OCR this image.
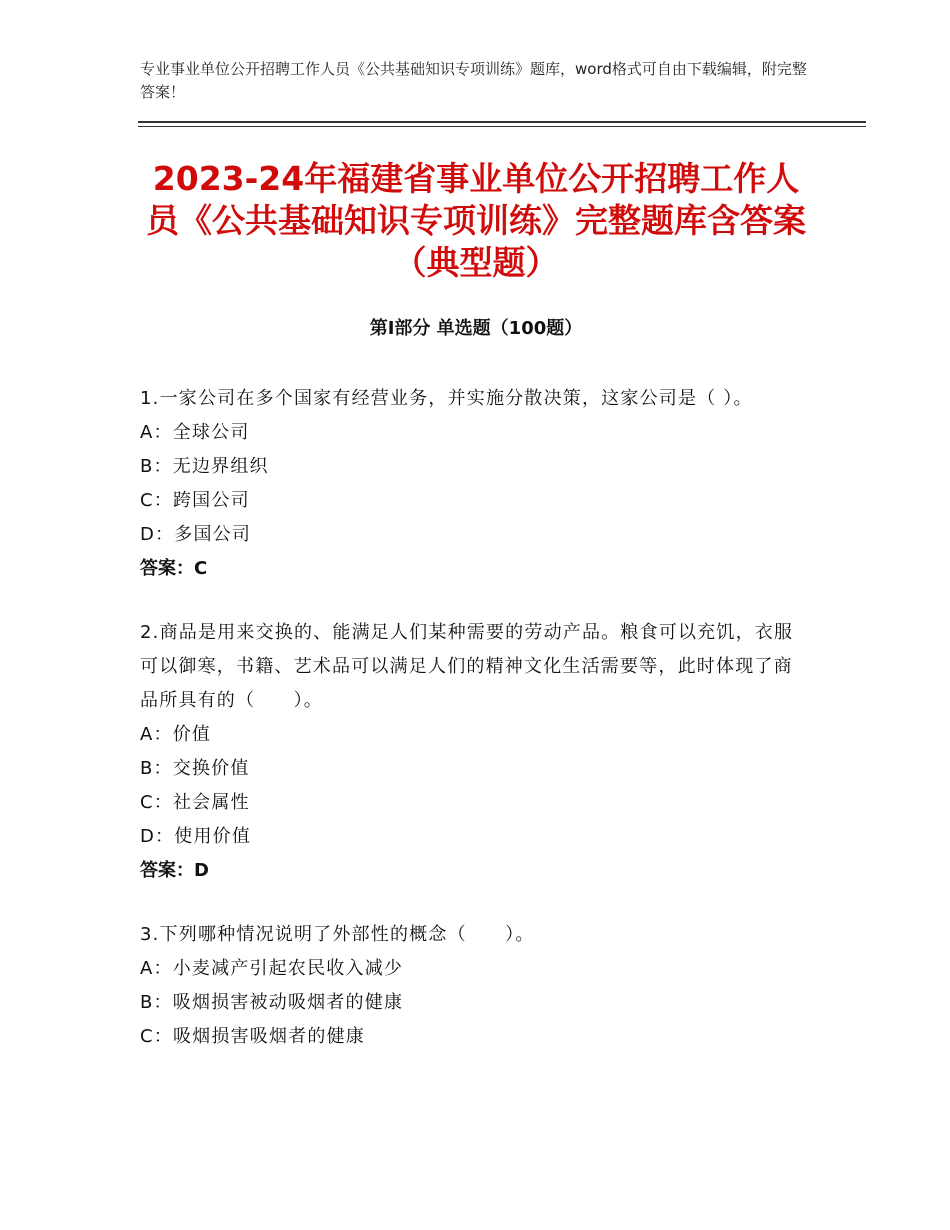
专业事业单位公开招聘工作人员《公共基础知识专项训练》题库，word格式可自由下载编辑，附完整答案！
2023-24年福建省事业单位公开招聘工作人员《公共基础知识专项训练》完整题库含答案（典型题）
第Ⅰ部分 单选题（100题）
1.一家公司在多个国家有经营业务，并实施分散决策，这家公司是（ ）。
A：全球公司
B：无边界组织
C：跨国公司
D：多国公司
答案：C
2.商品是用来交换的、能满足人们某种需要的劳动产品。粮食可以充饥，衣服可以御寒，书籍、艺术品可以满足人们的精神文化生活需要等，此时体现了商品所具有的（　　）。
A：价值
B：交换价值
C：社会属性
D：使用价值
答案：D
3.下列哪种情况说明了外部性的概念（　　）。
A：小麦减产引起农民收入减少
B：吸烟损害被动吸烟者的健康
C：吸烟损害吸烟者的健康
